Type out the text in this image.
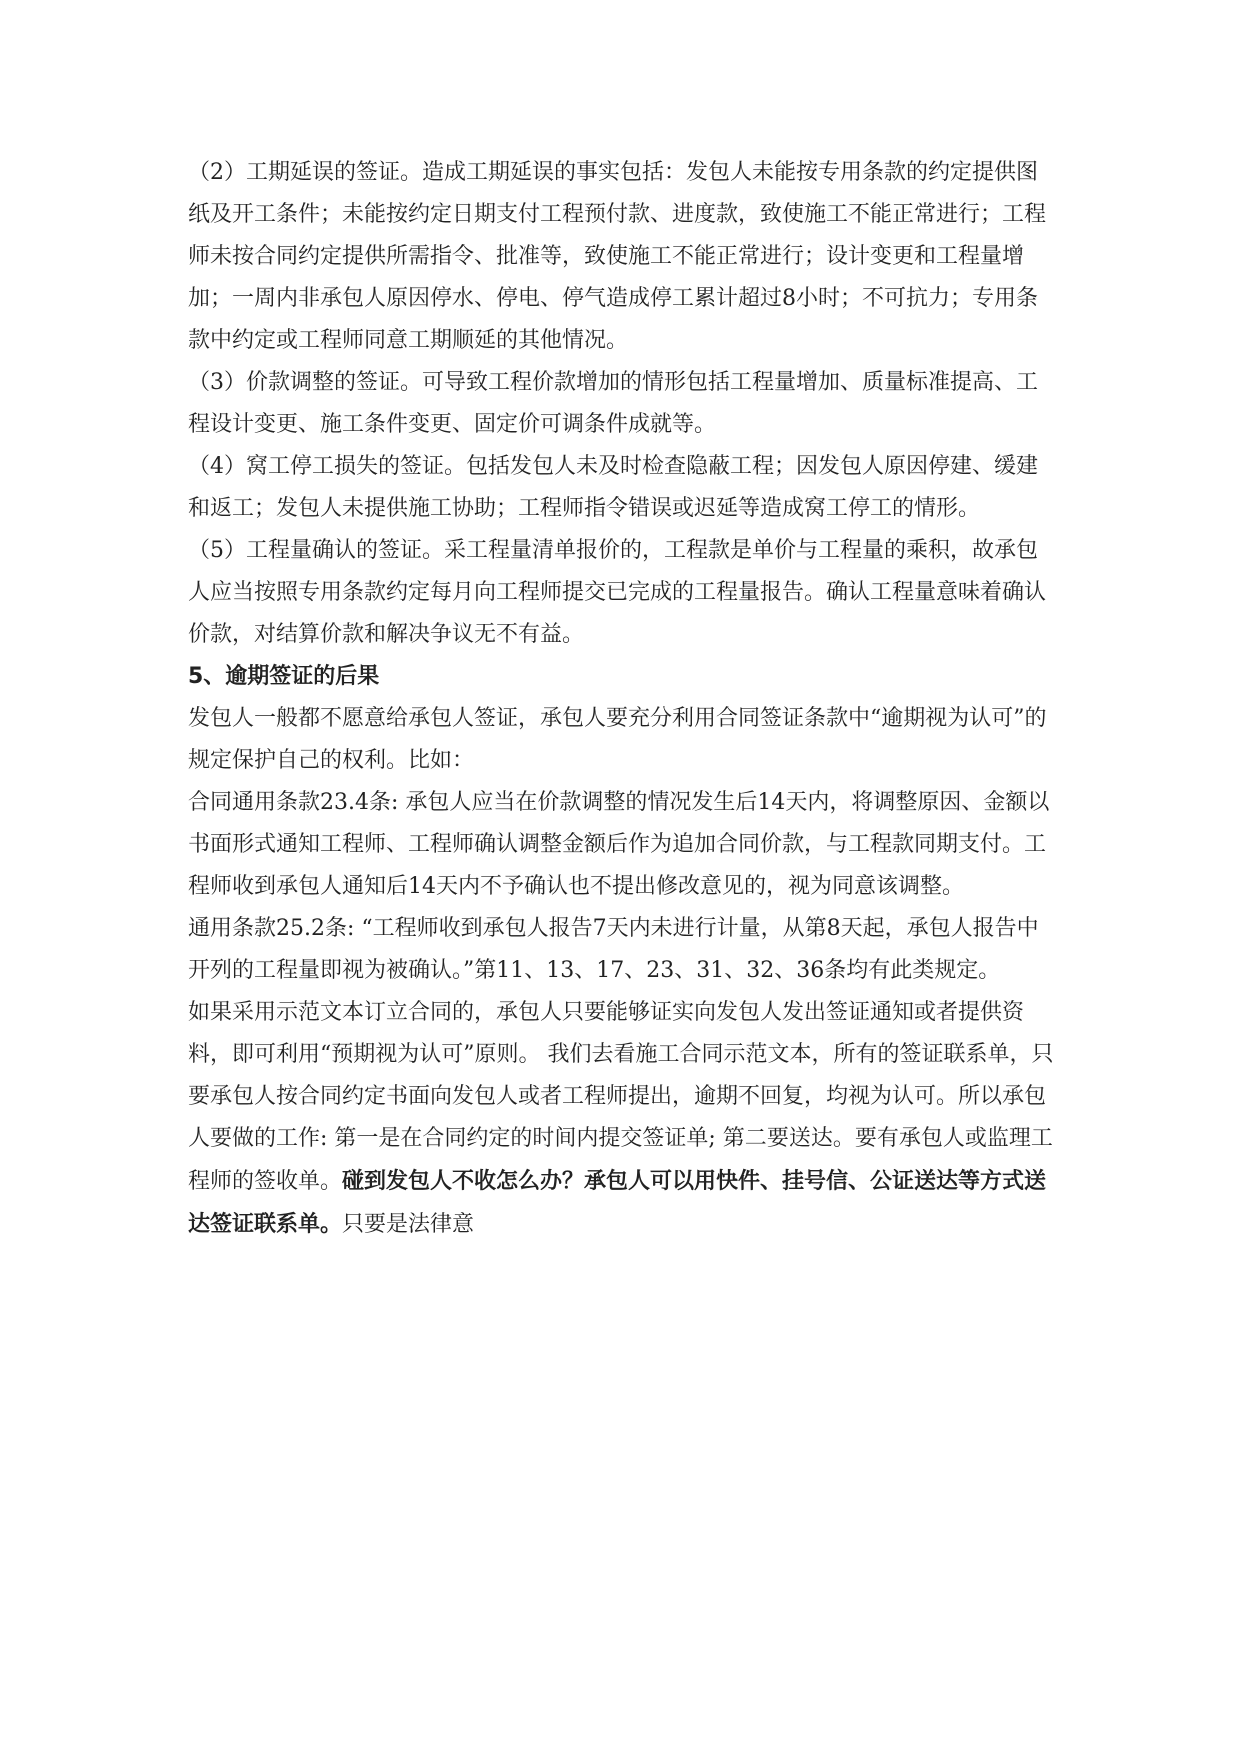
（2）工期延误的签证。造成工期延误的事实包括：发包人未能按专用条款的约定提供图纸及开工条件；未能按约定日期支付工程预付款、进度款，致使施工不能正常进行；工程师未按合同约定提供所需指令、批准等，致使施工不能正常进行；设计变更和工程量增加；一周内非承包人原因停水、停电、停气造成停工累计超过8小时；不可抗力；专用条款中约定或工程师同意工期顺延的其他情况。

（3）价款调整的签证。可导致工程价款增加的情形包括工程量增加、质量标准提高、工程设计变更、施工条件变更、固定价可调条件成就等。

（4）窝工停工损失的签证。包括发包人未及时检查隐蔽工程；因发包人原因停建、缓建和返工；发包人未提供施工协助；工程师指令错误或迟延等造成窝工停工的情形。

（5）工程量确认的签证。采工程量清单报价的，工程款是单价与工程量的乘积，故承包人应当按照专用条款约定每月向工程师提交已完成的工程量报告。确认工程量意味着确认价款，对结算价款和解决争议无不有益。

5、逾期签证的后果

发包人一般都不愿意给承包人签证，承包人要充分利用合同签证条款中“逾期视为认可”的规定保护自己的权利。比如：

合同通用条款23.4条: 承包人应当在价款调整的情况发生后14天内，将调整原因、金额以书面形式通知工程师、工程师确认调整金额后作为追加合同价款，与工程款同期支付。工程师收到承包人通知后14天内不予确认也不提出修改意见的，视为同意该调整。

通用条款25.2条: “工程师收到承包人报告7天内未进行计量，从第8天起，承包人报告中开列的工程量即视为被确认。”第11、13、17、23、31、32、36条均有此类规定。

如果采用示范文本订立合同的，承包人只要能够证实向发包人发出签证通知或者提供资料，即可利用“预期视为认可”原则。 我们去看施工合同示范文本，所有的签证联系单，只要承包人按合同约定书面向发包人或者工程师提出，逾期不回复，均视为认可。所以承包人要做的工作: 第一是在合同约定的时间内提交签证单; 第二要送达。要有承包人或监理工程师的签收单。碰到发包人不收怎么办？承包人可以用快件、挂号信、公证送达等方式送达签证联系单。只要是法律意
